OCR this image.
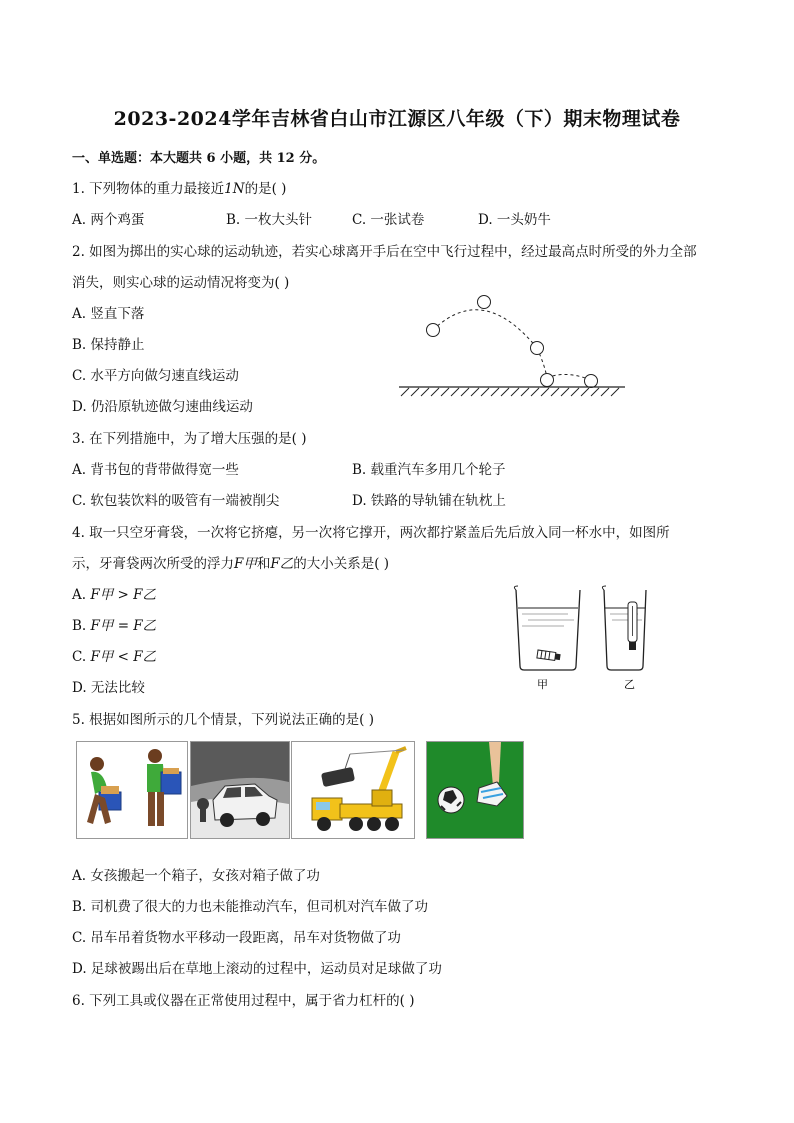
2023-2024学年吉林省白山市江源区八年级（下）期末物理试卷
一、单选题：本大题共 6 小题，共 12 分。
1. 下列物体的重力最接近1N的是( )
A. 两个鸡蛋	B. 一枚大头针	C. 一张试卷	D. 一头奶牛
2. 如图为掷出的实心球的运动轨迹，若实心球离开手后在空中飞行过程中，经过最高点时所受的外力全部
消失，则实心球的运动情况将变为( )
A. 竖直下落
B. 保持静止
C. 水平方向做匀速直线运动
D. 仍沿原轨迹做匀速曲线运动
3. 在下列措施中，为了增大压强的是( )
A. 背书包的背带做得宽一些	B. 载重汽车多用几个轮子
C. 软包装饮料的吸管有一端被削尖	D. 铁路的导轨铺在轨枕上
4. 取一只空牙膏袋，一次将它挤瘪，另一次将它撑开，两次都拧紧盖后先后放入同一杯水中，如图所
示，牙膏袋两次所受的浮力F甲和F乙的大小关系是( )
A. F甲 > F乙
B. F甲 = F乙
C. F甲 < F乙
D. 无法比较	甲	乙
5. 根据如图所示的几个情景，下列说法正确的是( )
A. 女孩搬起一个箱子，女孩对箱子做了功
B. 司机费了很大的力也未能推动汽车，但司机对汽车做了功
C. 吊车吊着货物水平移动一段距离，吊车对货物做了功
D. 足球被踢出后在草地上滚动的过程中，运动员对足球做了功
6. 下列工具或仪器在正常使用过程中，属于省力杠杆的( )
